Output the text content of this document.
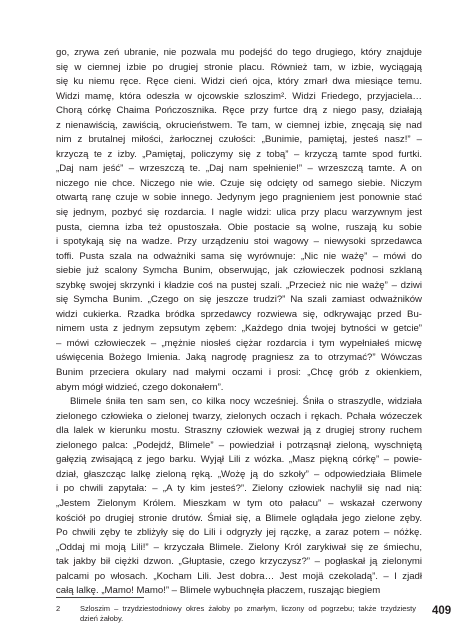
go, zrywa zeń ubranie, nie pozwala mu podejść do tego drugiego, który znajduje
się w ciemnej izbie po drugiej stronie placu. Również tam, w izbie, wyciągają
się ku niemu ręce. Ręce cieni. Widzi cień ojca, który zmarł dwa miesiące temu.
Widzi mamę, która odeszła w ojcowskie szloszim². Widzi Friedego, przyjaciela…
Chorą córkę Chaima Pończosznika. Ręce przy furtce drą z niego pasy, działają
z nienawiścią, zawiścią, okrucieństwem. Te tam, w ciemnej izbie, znęcają się nad
nim z brutalnej miłości, żarłocznej czułości: „Bunimie, pamiętaj, jesteś nasz!” –
krzyczą te z izby. „Pamiętaj, policzymy się z tobą” – krzyczą tamte spod furtki.
„Daj nam jeść” – wrzeszczą te. „Daj nam spełnienie!” – wrzeszczą tamte. A on
niczego nie chce. Niczego nie wie. Czuje się odcięty od samego siebie. Niczym
otwartą ranę czuje w sobie innego. Jedynym jego pragnieniem jest ponownie stać
się jednym, pozbyć się rozdarcia. I nagle widzi: ulica przy placu warzywnym jest
pusta, ciemna izba też opustoszała. Obie postacie są wolne, ruszają ku sobie
i spotykają się na wadze. Przy urządzeniu stoi wagowy – niewysoki sprzedawca
toffi. Pusta szala na odważniki sama się wyrównuje: „Nic nie ważę” – mówi do
siebie już scalony Symcha Bunim, obserwując, jak człowieczek podnosi szklaną
szybkę swojej skrzynki i kładzie coś na pustej szali. „Przecież nic nie ważę” – dziwi
się Symcha Bunim. „Czego on się jeszcze trudzi?” Na szali zamiast odważników
widzi cukierka. Rzadka bródka sprzedawcy rozwiewa się, odkrywając przed Bu-
nimem usta z jednym zepsutym zębem: „Każdego dnia twojej bytności w getcie”
– mówi człowieczek – „mężnie niosłeś ciężar rozdarcia i tym wypełniałeś micwę
uświęcenia Bożego Imienia. Jaką nagrodę pragniesz za to otrzymać?” Wówczas
Bunim przeciera okulary nad małymi oczami i prosi: „Chcę grób z okienkiem,
abym mógł widzieć, czego dokonałem”.
Blimele śniła ten sam sen, co kilka nocy wcześniej. Śniła o straszydle, widziała
zielonego człowieka o zielonej twarzy, zielonych oczach i rękach. Pchała wózeczek
dla lalek w kierunku mostu. Straszny człowiek wezwał ją z drugiej strony ruchem
zielonego palca: „Podejdź, Blimele” – powiedział i potrząsnął zieloną, wyschniętą
gałęzią zwisającą z jego barku. Wyjął Lili z wózka. „Masz piękną córkę” – powie-
dział, głaszcząc lalkę zieloną ręką. „Wożę ją do szkoły” – odpowiedziała Blimele
i po chwili zapytała: – „A ty kim jesteś?”. Zielony człowiek nachylił się nad nią:
„Jestem Zielonym Królem. Mieszkam w tym oto pałacu” – wskazał czerwony
kościół po drugiej stronie drutów. Śmiał się, a Blimele oglądała jego zielone zęby.
Po chwili zęby te zbliżyły się do Lili i odgryzły jej rączkę, a zaraz potem – nóżkę.
„Oddaj mi moją Lili!” – krzyczała Blimele. Zielony Król zarykiwał się ze śmiechu,
tak jakby bił ciężki dzwon. „Głuptasie, czego krzyczysz?” – pogłaskał ją zielonymi
palcami po włosach. „Kocham Lili. Jest dobra… Jest mojä czekoladą”. – I zjadł
całą lalkę. „Mamo! Mamo!” – Blimele wybuchnęła płaczem, ruszając biegiem
2	Szloszim – trzydziestodniowy okres żałoby po zmarłym, liczony od pogrzebu; także trzydziesty
dzień żałoby.
409
